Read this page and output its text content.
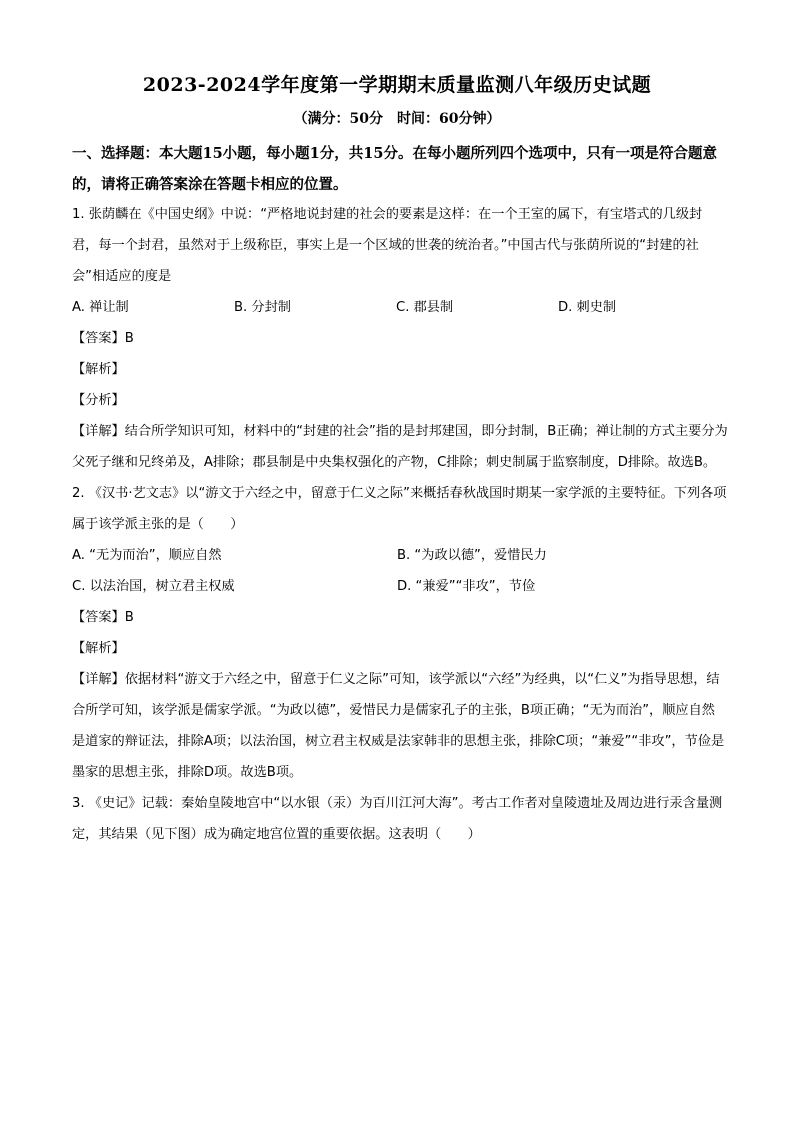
2023-2024学年度第一学期期末质量监测八年级历史试题
（满分：50分　时间：60分钟）
一、选择题：本大题15小题，每小题1分，共15分。在每小题所列四个选项中，只有一项是符合题意的，请将正确答案涂在答题卡相应的位置。

1. 张荫麟在《中国史纲》中说：“严格地说封建的社会的要素是这样：在一个王室的属下，有宝塔式的几级封君，每一个封君，虽然对于上级称臣，事实上是一个区域的世袭的统治者。”中国古代与张荫所说的“封建的社会”相适应的度是

A. 禅让制	B. 分封制	C. 郡县制	D. 刺史制

【答案】B

【解析】

【分析】

【详解】结合所学知识可知，材料中的“封建的社会”指的是封邦建国，即分封制，B正确；禅让制的方式主要分为父死子继和兄终弟及，A排除；郡县制是中央集权强化的产物，C排除；刺史制属于监察制度，D排除。故选B。

2. 《汉书·艺文志》以“游文于六经之中，留意于仁义之际”来概括春秋战国时期某一家学派的主要特征。下列各项属于该学派主张的是（　　）

A. “无为而治”，顺应自然	B. “为政以德”，爱惜民力
C. 以法治国，树立君主权威	D. “兼爱”“非攻”，节俭

【答案】B

【解析】

【详解】依据材料“游文于六经之中，留意于仁义之际”可知，该学派以“六经”为经典，以“仁义”为指导思想，结合所学可知，该学派是儒家学派。“为政以德”，爱惜民力是儒家孔子的主张，B项正确；“无为而治”，顺应自然是道家的辩证法，排除A项；以法治国，树立君主权威是法家韩非的思想主张，排除C项；“兼爱”“非攻”，节俭是墨家的思想主张，排除D项。故选B项。

3. 《史记》记载：秦始皇陵地宫中“以水银（汞）为百川江河大海”。考古工作者对皇陵遗址及周边进行汞含量测定，其结果（见下图）成为确定地宫位置的重要依据。这表明（　　）
